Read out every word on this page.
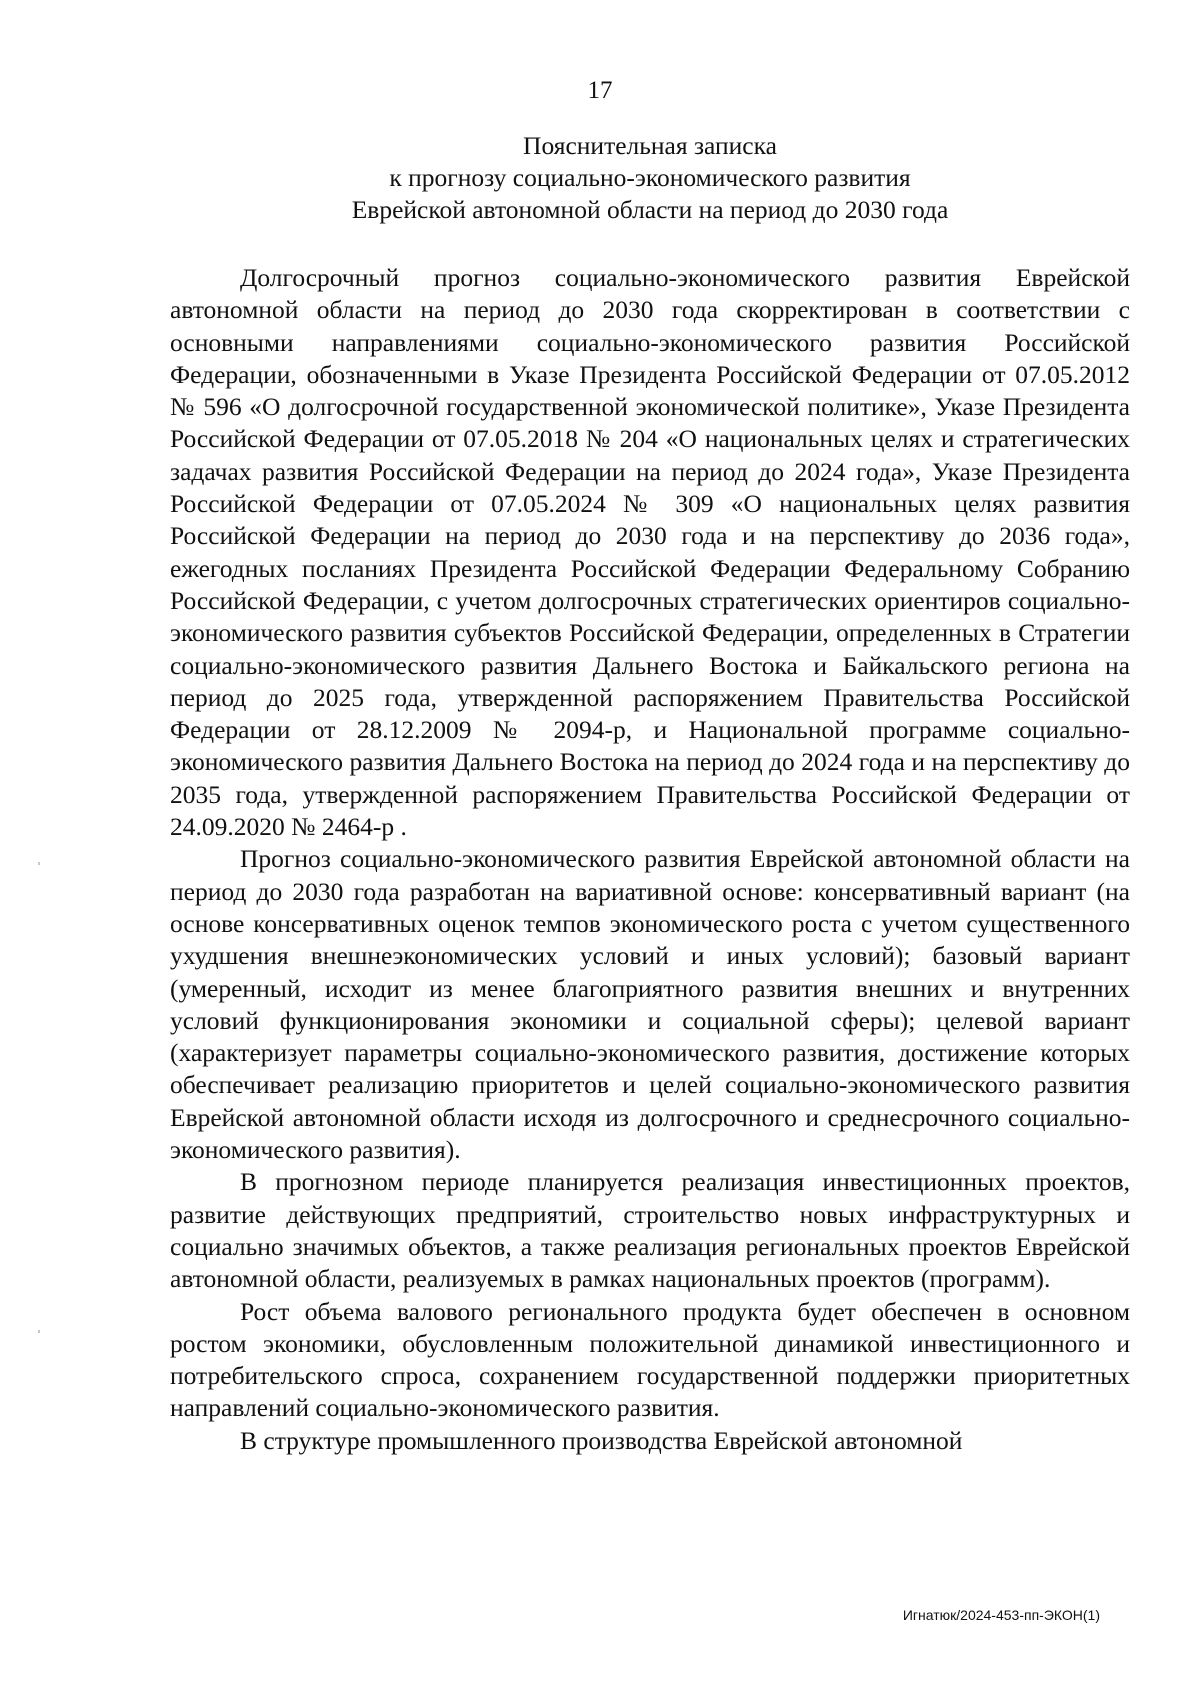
17
Пояснительная записка
к прогнозу социально-экономического развития
Еврейской автономной области на период до 2030 года

Долгосрочный прогноз социально-экономического развития Еврейской автономной области на период до 2030 года скорректирован в соответствии с основными направлениями социально-экономического развития Российской Федерации, обозначенными в Указе Президента Российской Федерации от 07.05.2012 № 596 «О долгосрочной государственной экономической политике», Указе Президента Российской Федерации от 07.05.2018 № 204 «О национальных целях и стратегических задачах развития Российской Федерации на период до 2024 года», Указе Президента Российской Федерации от 07.05.2024 № 309 «О национальных целях развития Российской Федерации на период до 2030 года и на перспективу до 2036 года», ежегодных посланиях Президента Российской Федерации Федеральному Собранию Российской Федерации, с учетом долгосрочных стратегических ориентиров социально-экономического развития субъектов Российской Федерации, определенных в Стратегии социально-экономического развития Дальнего Востока и Байкальского региона на период до 2025 года, утвержденной распоряжением Правительства Российской Федерации от 28.12.2009 № 2094-р, и Национальной программе социально-экономического развития Дальнего Востока на период до 2024 года и на перспективу до 2035 года, утвержденной распоряжением Правительства Российской Федерации от 24.09.2020 № 2464-р .

Прогноз социально-экономического развития Еврейской автономной области на период до 2030 года разработан на вариативной основе: консервативный вариант (на основе консервативных оценок темпов экономического роста с учетом существенного ухудшения внешнеэкономических условий и иных условий); базовый вариант (умеренный, исходит из менее благоприятного развития внешних и внутренних условий функционирования экономики и социальной сферы); целевой вариант (характеризует параметры социально-экономического развития, достижение которых обеспечивает реализацию приоритетов и целей социально-экономического развития Еврейской автономной области исходя из долгосрочного и среднесрочного социально-экономического развития).

В прогнозном периоде планируется реализация инвестиционных проектов, развитие действующих предприятий, строительство новых инфраструктурных и социально значимых объектов, а также реализация региональных проектов Еврейской автономной области, реализуемых в рамках национальных проектов (программ).

Рост объема валового регионального продукта будет обеспечен в основном ростом экономики, обусловленным положительной динамикой инвестиционного и потребительского спроса, сохранением государственной поддержки приоритетных направлений социально-экономического развития.

В структуре промышленного производства Еврейской автономной

Игнатюк/2024-453-пп-ЭКОН(1)
